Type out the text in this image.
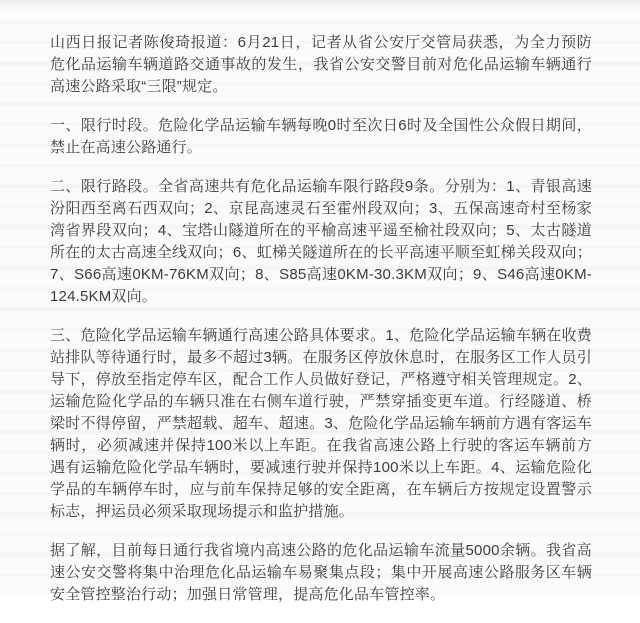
山西日报记者陈俊琦报道：6月21日，记者从省公安厅交管局获悉，为全力预防危化品运输车辆道路交通事故的发生，我省公安交警目前对危化品运输车辆通行高速公路采取“三限”规定。

一、限行时段。危险化学品运输车辆每晚0时至次日6时及全国性公众假日期间，禁止在高速公路通行。

二、限行路段。全省高速共有危化品运输车限行路段9条。分别为：1、青银高速汾阳西至离石西双向；2、京昆高速灵石至霍州段双向；3、五保高速奇村至杨家湾省界段双向；4、宝塔山隧道所在的平榆高速平遥至榆社段双向；5、太古隧道所在的太古高速全线双向；6、虹梯关隧道所在的长平高速平顺至虹梯关段双向；7、S66高速0KM-76KM双向；8、S85高速0KM-30.3KM双向；9、S46高速0KM-124.5KM双向。

三、危险化学品运输车辆通行高速公路具体要求。1、危险化学品运输车辆在收费站排队等待通行时，最多不超过3辆。在服务区停放休息时，在服务区工作人员引导下，停放至指定停车区，配合工作人员做好登记，严格遵守相关管理规定。2、运输危险化学品的车辆只准在右侧车道行驶，严禁穿插变更车道。行经隧道、桥梁时不得停留，严禁超载、超车、超速。3、危险化学品运输车辆前方遇有客运车辆时，必须减速并保持100米以上车距。在我省高速公路上行驶的客运车辆前方遇有运输危险化学品车辆时，要减速行驶并保持100米以上车距。4、运输危险化学品的车辆停车时，应与前车保持足够的安全距离，在车辆后方按规定设置警示标志，押运员必须采取现场提示和监护措施。

据了解，目前每日通行我省境内高速公路的危化品运输车流量5000余辆。我省高速公安交警将集中治理危化品运输车易聚集点段；集中开展高速公路服务区车辆安全管控整治行动；加强日常管理，提高危化品车管控率。
